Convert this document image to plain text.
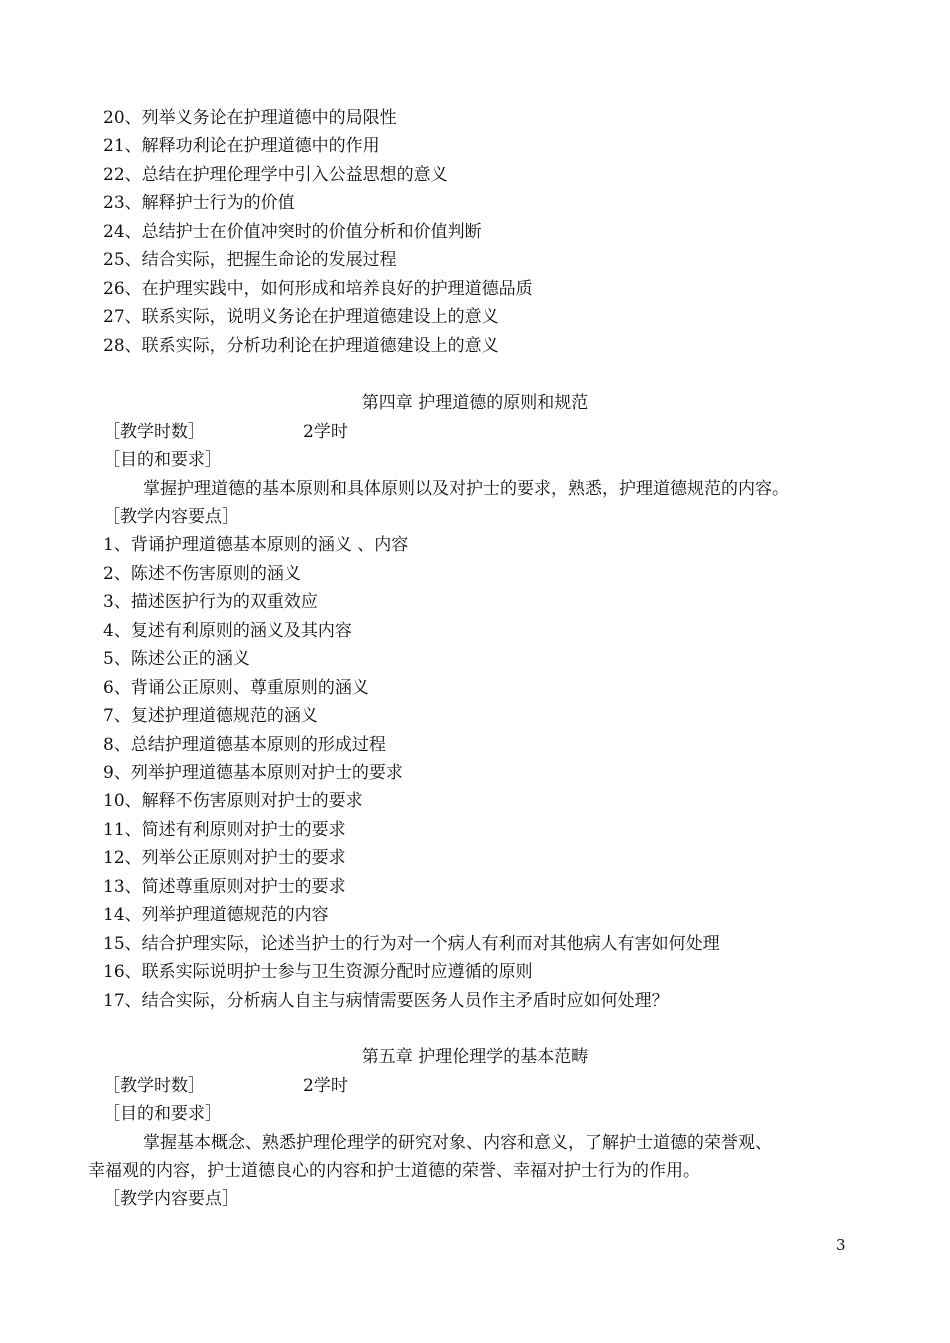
20、列举义务论在护理道德中的局限性
21、解释功利论在护理道德中的作用
22、总结在护理伦理学中引入公益思想的意义
23、解释护士行为的价值
24、总结护士在价值冲突时的价值分析和价值判断
25、结合实际，把握生命论的发展过程
26、在护理实践中，如何形成和培养良好的护理道德品质
27、联系实际，说明义务论在护理道德建设上的意义
28、联系实际，分析功利论在护理道德建设上的意义
第四章 护理道德的原则和规范
［教学时数］	2学时
［目的和要求］
掌握护理道德的基本原则和具体原则以及对护士的要求，熟悉，护理道德规范的内容。
［教学内容要点］
1、背诵护理道德基本原则的涵义 、内容
2、陈述不伤害原则的涵义
3、描述医护行为的双重效应
4、复述有利原则的涵义及其内容
5、陈述公正的涵义
6、背诵公正原则、尊重原则的涵义
7、复述护理道德规范的涵义
8、总结护理道德基本原则的形成过程
9、列举护理道德基本原则对护士的要求
10、解释不伤害原则对护士的要求
11、简述有利原则对护士的要求
12、列举公正原则对护士的要求
13、简述尊重原则对护士的要求
14、列举护理道德规范的内容
15、结合护理实际，论述当护士的行为对一个病人有利而对其他病人有害如何处理
16、联系实际说明护士参与卫生资源分配时应遵循的原则
17、结合实际，分析病人自主与病情需要医务人员作主矛盾时应如何处理？
第五章 护理伦理学的基本范畴
［教学时数］	2学时
［目的和要求］
掌握基本概念、熟悉护理伦理学的研究对象、内容和意义，了解护士道德的荣誉观、
幸福观的内容，护士道德良心的内容和护士道德的荣誉、幸福对护士行为的作用。
［教学内容要点］
3
